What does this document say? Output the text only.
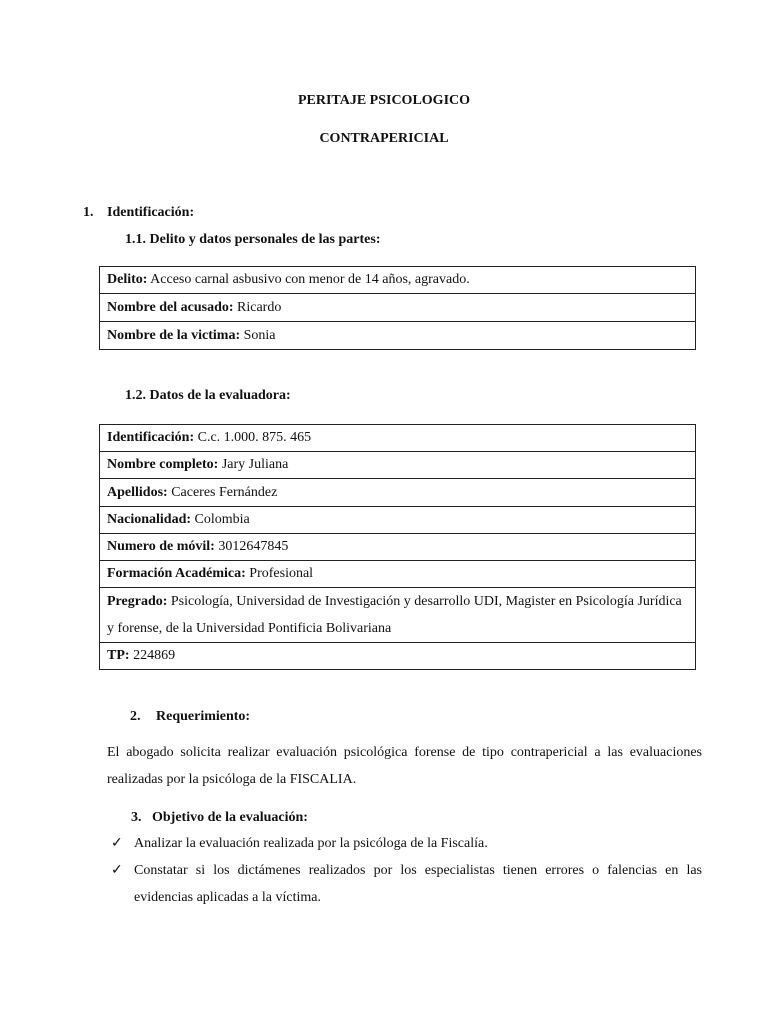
PERITAJE PSICOLOGICO
CONTRAPERICIAL
1. Identificación:
1.1. Delito y datos personales de las partes:
Delito: Acceso carnal asbusivo con menor de 14 años, agravado.
Nombre del acusado: Ricardo
Nombre de la victima: Sonia
1.2. Datos de la evaluadora:
Identificación: C.c. 1.000. 875. 465
Nombre completo: Jary Juliana
Apellidos: Caceres Fernández
Nacionalidad: Colombia
Numero de móvil: 3012647845
Formación Académica: Profesional
Pregrado: Psicología, Universidad de Investigación y desarrollo UDI, Magister en Psicología Jurídica y forense, de la Universidad Pontificia Bolivariana
TP: 224869
2. Requerimiento:
El abogado solicita realizar evaluación psicológica forense de tipo contrapericial a las evaluaciones realizadas por la psicóloga de la FISCALIA.
3. Objetivo de la evaluación:
✓ Analizar la evaluación realizada por la psicóloga de la Fiscalía.
✓ Constatar si los dictámenes realizados por los especialistas tienen errores o falencias en las evidencias aplicadas a la víctima.
